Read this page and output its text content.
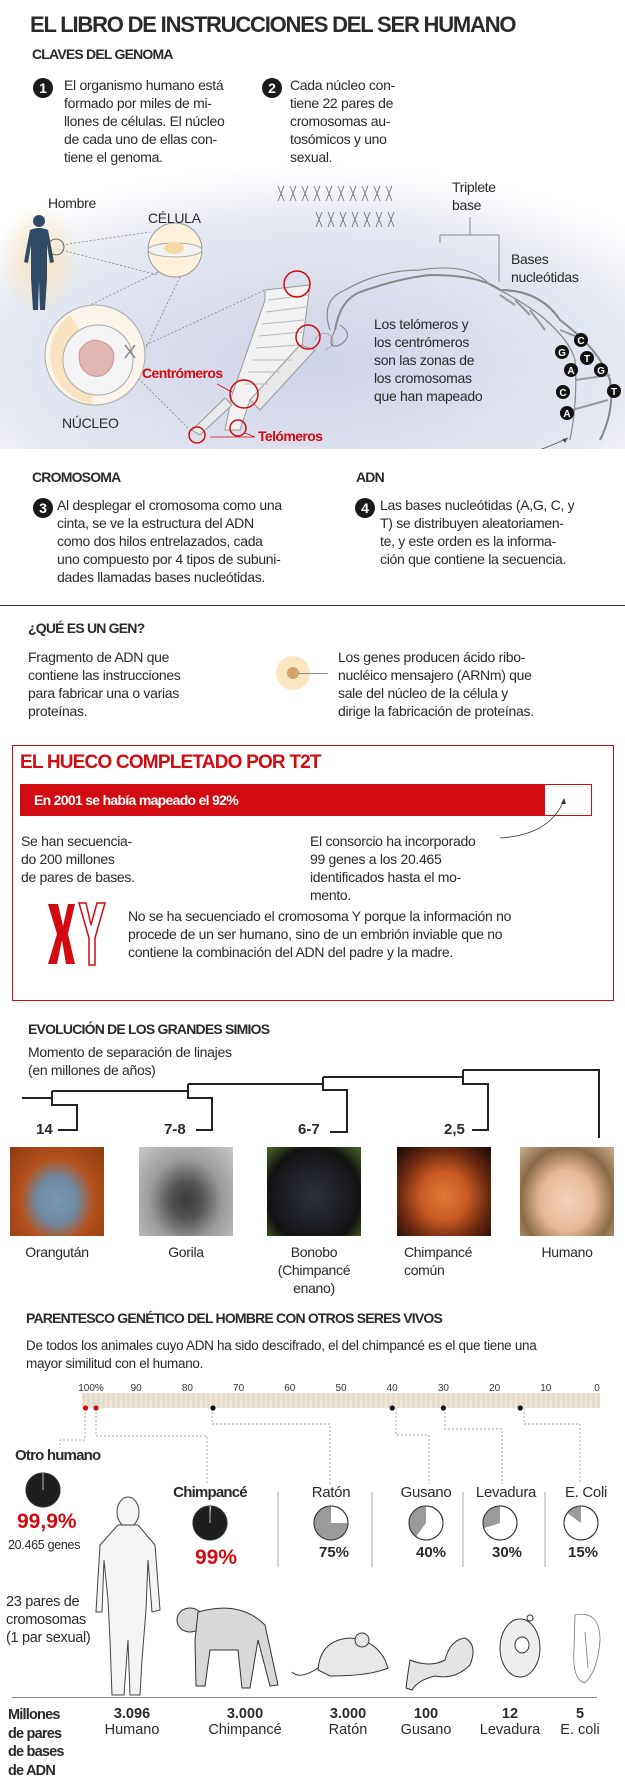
EL LIBRO DE INSTRUCCIONES DEL SER HUMANO
CLAVES DEL GENOMA
1	El organismo humano está
formado por miles de mi-
llones de células. El núcleo
de cada uno de ellas con-
tiene el genoma.
2	Cada núcleo con-
tiene 22 pares de
cromosomas au-
tosómicos y uno
sexual.
C
G
T
A G
C	T
A
Hombre
CÉLULA
NÚCLEO
Centrómeros
Telómeros
Triplete
base
Bases
nucleótidas
Los telómeros y
los centrómeros
son las zonas de
los cromosomas
que han mapeado
CROMOSOMA	ADN
3 Al desplegar el cromosoma como una
cinta, se ve la estructura del ADN
como dos hilos entrelazados, cada
uno compuesto por 4 tipos de subuni-
dades llamadas bases nucleótidas.
4 Las bases nucleótidas (A,G, C, y
T) se distribuyen aleatoriamen-
te, y este orden es la informa-
ción que contiene la secuencia.
¿QUÉ ES UN GEN?
Fragmento de ADN que
contiene las instrucciones
para fabricar una o varias
proteínas.
Los genes producen ácido ribo-
nucléico mensajero (ARNm) que
sale del núcleo de la célula y
dirige la fabricación de proteínas.
EL HUECO COMPLETADO POR T2T
En 2001 se había mapeado el 92%
Se han secuencia-
do 200 millones
de pares de bases.
El consorcio ha incorporado
99 genes a los 20.465
identificados hasta el mo-
mento.
No se ha secuenciado el cromosoma Y porque la información no
procede de un ser humano, sino de un embrión inviable que no
contiene la combinación del ADN del padre y la madre.
EVOLUCIÓN DE LOS GRANDES SIMIOS
Momento de separación de linajes
(en millones de años)
14	7-8	6-7	2,5
Orangután	Gorila	Bonobo
(Chimpancé
enano)
Chimpancé
común
Humano
PARENTESCO GENÉTICO DEL HOMBRE CON OTROS SERES VIVOS
De todos los animales cuyo ADN ha sido descifrado, el del chimpancé es el que tiene una
mayor similitud con el humano.
100%	90	80	70	60	50	40	30	20	10	0
Otro humano
Chimpancé	Ratón	Gusano	Levadura	E. Coli
99,9%
20.465 genes
99%	75%	40%	30%	15%
23 pares de
cromosomas
(1 par sexual)
Millones
de pares
de bases
de ADN
3.096
Humano
3.000
Chimpancé
3.000
Ratón
100
Gusano
12
Levadura
5
E. coli
